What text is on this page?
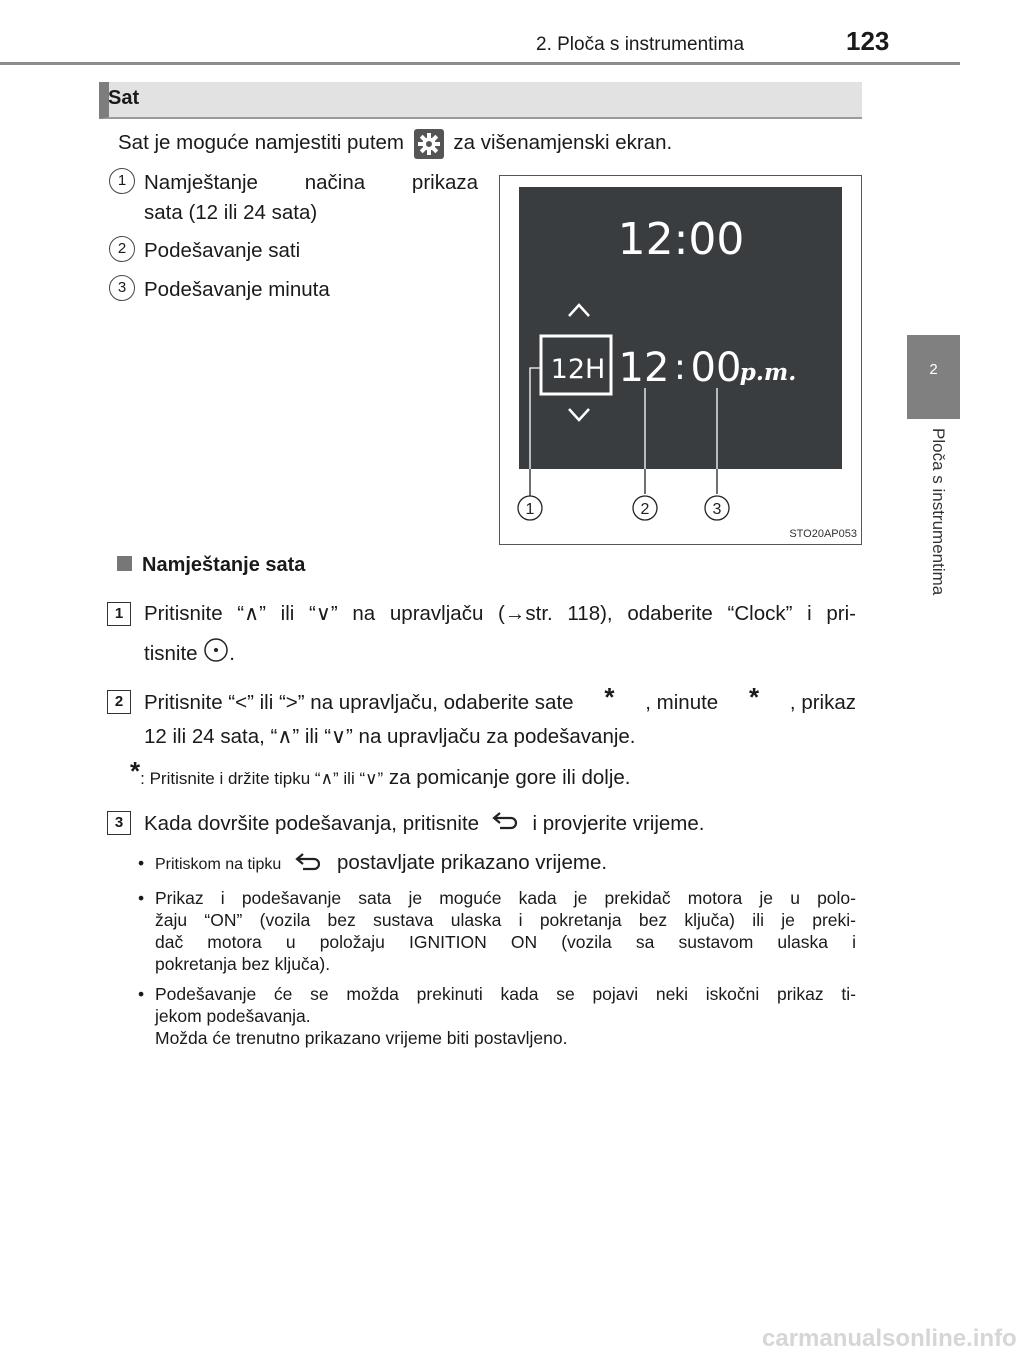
2. Ploča s instrumentima	123
2
Ploča s instrumentima
Sat
Sat je moguće namjestiti putem za višenamjenski ekran.
1 Namještanje načina prikaza
sata (12 ili 24 sata)
2 Podešavanje sati
3 Podešavanje minuta
12:00
12H 12 : 00
p.m.
1	2	3
STO20AP053
Namještanje sata
1	Pritisnite “∧” ili “∨” na upravljaču (→str. 118), odaberite “Clock” i pri-
tisnite .
2	Pritisnite “<” ili “>” na upravljaču, odaberite sate * , minute * , prikaz
12 ili 24 sata, “∧” ili “∨” na upravljaču za podešavanje.
*: Pritisnite i držite tipku “∧” ili “∨” za pomicanje gore ili dolje.
3	Kada dovršite podešavanja, pritisnite	i provjerite vrijeme.
• Pritiskom na tipku	postavljate prikazano vrijeme.
• Prikaz i podešavanje sata je moguće kada je prekidač motora je u polo-
žaju “ON” (vozila bez sustava ulaska i pokretanja bez ključa) ili je preki-
dač motora u položaju IGNITION ON (vozila sa sustavom ulaska i
pokretanja bez ključa).
• Podešavanje će se možda prekinuti kada se pojavi neki iskočni prikaz ti-
jekom podešavanja.
Možda će trenutno prikazano vrijeme biti postavljeno.
carmanualsonline.info
